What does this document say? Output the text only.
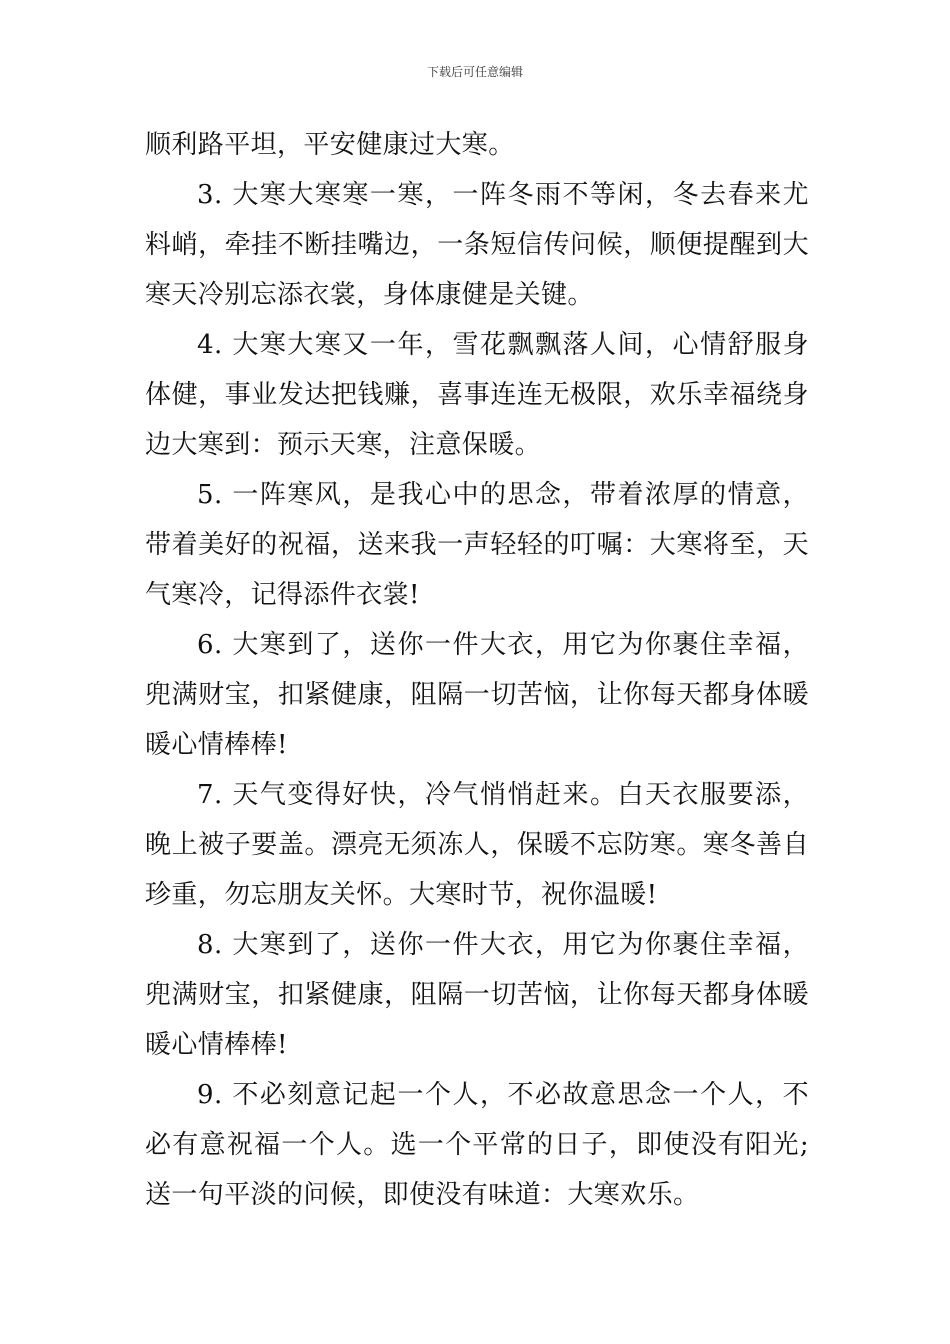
下载后可任意编辑

顺利路平坦，平安健康过大寒。

3. 大寒大寒寒一寒，一阵冬雨不等闲，冬去春来尤料峭，牵挂不断挂嘴边，一条短信传问候，顺便提醒到大寒天冷别忘添衣裳，身体康健是关键。

4. 大寒大寒又一年，雪花飘飘落人间，心情舒服身体健，事业发达把钱赚，喜事连连无极限，欢乐幸福绕身边大寒到：预示天寒，注意保暖。

5. 一阵寒风，是我心中的思念，带着浓厚的情意，带着美好的祝福，送来我一声轻轻的叮嘱：大寒将至，天气寒冷，记得添件衣裳!

6. 大寒到了，送你一件大衣，用它为你裹住幸福，兜满财宝，扣紧健康，阻隔一切苦恼，让你每天都身体暖暖心情棒棒!

7. 天气变得好快，冷气悄悄赶来。白天衣服要添，晚上被子要盖。漂亮无须冻人，保暖不忘防寒。寒冬善自珍重，勿忘朋友关怀。大寒时节，祝你温暖!

8. 大寒到了，送你一件大衣，用它为你裹住幸福，兜满财宝，扣紧健康，阻隔一切苦恼，让你每天都身体暖暖心情棒棒!

9. 不必刻意记起一个人，不必故意思念一个人，不必有意祝福一个人。选一个平常的日子，即使没有阳光;送一句平淡的问候，即使没有味道：大寒欢乐。
